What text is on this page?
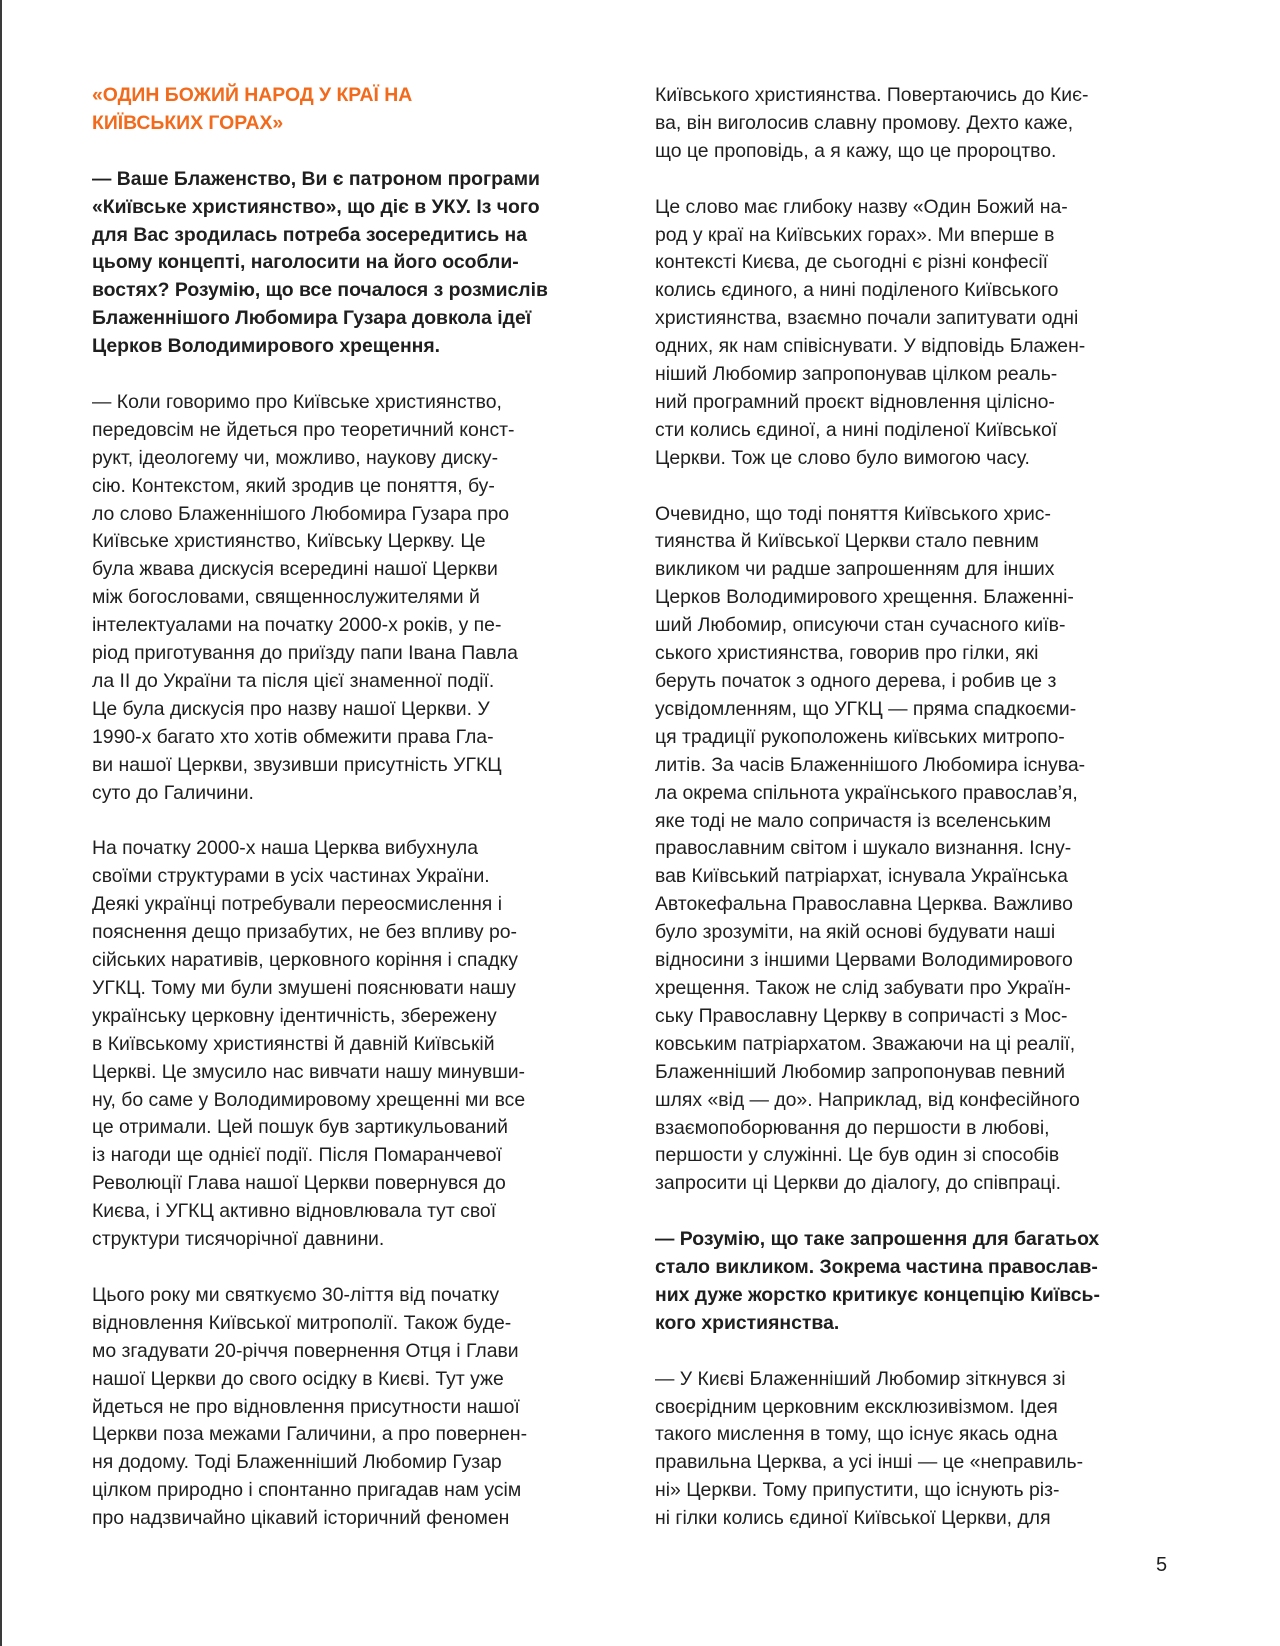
«ОДИН БОЖИЙ НАРОД У КРАЇ НА
КИЇВСЬКИХ ГОРАХ»
— Ваше Блаженство, Ви є патроном програми
«Київське християнство», що діє в УКУ. Із чого
для Вас зродилась потреба зосередитись на
цьому концепті, наголосити на його особли-
востях? Розумію, що все почалося з розмислів
Блаженнішого Любомира Гузара довкола ідеї
Церков Володимирового хрещення.
— Коли говоримо про Київське християнство,
передовсім не йдеться про теоретичний конст-
рукт, ідеологему чи, можливо, наукову диску-
сію. Контекстом, який зродив це поняття, бу-
ло слово Блаженнішого Любомира Гузара про
Київське християнство, Київську Церкву. Це
була жвава дискусія всередині нашої Церкви
між богословами, священнослужителями й
інтелектуалами на початку 2000-х років, у пе-
ріод приготування до приїзду папи Івана Павла
ла II до України та після цієї знаменної події.
Це була дискусія про назву нашої Церкви. У
1990-х багато хто хотів обмежити права Гла-
ви нашої Церкви, звузивши присутність УГКЦ
суто до Галичини.
На початку 2000-х наша Церква вибухнула
своїми структурами в усіх частинах України.
Деякі українці потребували переосмислення і
пояснення дещо призабутих, не без впливу ро-
сійських наративів, церковного коріння і спадку
УГКЦ. Тому ми були змушені пояснювати нашу
українську церковну ідентичність, збережену
в Київському християнстві й давній Київській
Церкві. Це змусило нас вивчати нашу минувши-
ну, бо саме у Володимировому хрещенні ми все
це отримали. Цей пошук був зартикульований
із нагоди ще однієї події. Після Помаранчевої
Революції Глава нашої Церкви повернувся до
Києва, і УГКЦ активно відновлювала тут свої
структури тисячорічної давнини.
Цього року ми святкуємо 30-ліття від початку
відновлення Київської митрополії. Також буде-
мо згадувати 20-річчя повернення Отця і Глави
нашої Церкви до свого осідку в Києві. Тут уже
йдеться не про відновлення присутности нашої
Церкви поза межами Галичини, а про повернен-
ня додому. Тоді Блаженніший Любомир Гузар
цілком природно і спонтанно пригадав нам усім
про надзвичайно цікавий історичний феномен
Київського християнства. Повертаючись до Киє-
ва, він виголосив славну промову. Дехто каже,
що це проповідь, а я кажу, що це пророцтво.
Це слово має глибоку назву «Один Божий на-
род у краї на Київських горах». Ми вперше в
контексті Києва, де сьогодні є різні конфесії
колись єдиного, а нині поділеного Київського
християнства, взаємно почали запитувати одні
одних, як нам співіснувати. У відповідь Блажен-
ніший Любомир запропонував цілком реаль-
ний програмний проєкт відновлення цілісно-
сти колись єдиної, а нині поділеної Київської
Церкви. Тож це слово було вимогою часу.
Очевидно, що тоді поняття Київського хрис-
тиянства й Київської Церкви стало певним
викликом чи радше запрошенням для інших
Церков Володимирового хрещення. Блаженні-
ший Любомир, описуючи стан сучасного київ-
ського християнства, говорив про гілки, які
беруть початок з одного дерева, і робив це з
усвідомленням, що УГКЦ — пряма спадкоєми-
ця традиції рукоположень київських митропо-
литів. За часів Блаженнішого Любомира існува-
ла окрема спільнота українського православ’я,
яке тоді не мало сопричастя із вселенським
православним світом і шукало визнання. Існу-
вав Київський патріархат, існувала Українська
Автокефальна Православна Церква. Важливо
було зрозуміти, на якій основі будувати наші
відносини з іншими Цервами Володимирового
хрещення. Також не слід забувати про Україн-
ську Православну Церкву в сопричасті з Мос-
ковським патріархатом. Зважаючи на ці реалії,
Блаженніший Любомир запропонував певний
шлях «від — до». Наприклад, від конфесійного
взаємопоборювання до першости в любові,
першости у служінні. Це був один зі способів
запросити ці Церкви до діалогу, до співпраці.
— Розумію, що таке запрошення для багатьох
стало викликом. Зокрема частина православ-
них дуже жорстко критикує концепцію Київсь-
кого християнства.
— У Києві Блаженніший Любомир зіткнувся зі
своєрідним церковним ексклюзивізмом. Ідея
такого мислення в тому, що існує якась одна
правильна Церква, а усі інші — це «неправиль-
ні» Церкви. Тому припустити, що існують різ-
ні гілки колись єдиної Київської Церкви, для
5
